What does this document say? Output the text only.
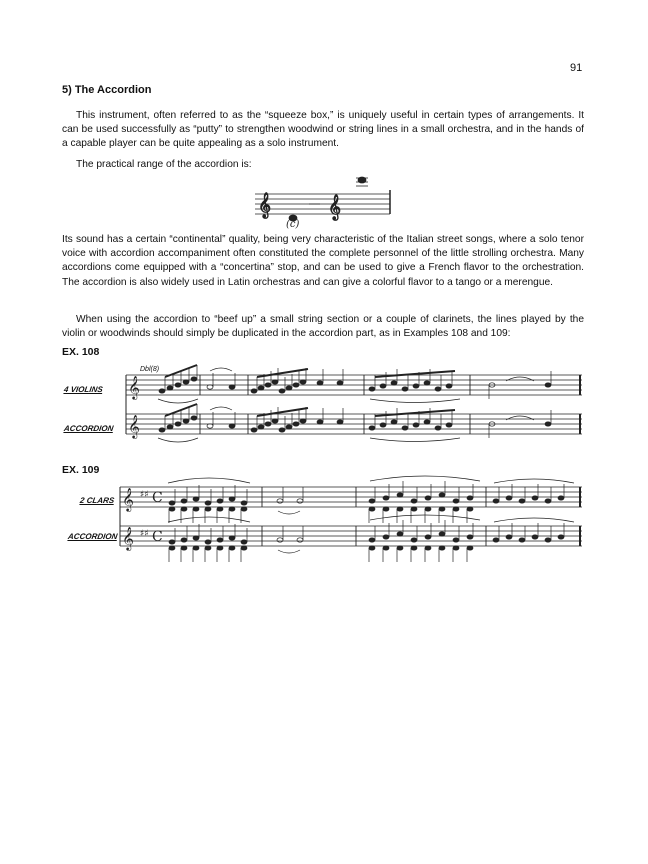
91
5) The Accordion

This instrument, often referred to as the “squeeze box,” is uniquely useful in certain types of arrangements. It can be used successfully as “putty” to strengthen woodwind or string lines in a small orchestra, and in the hands of a capable player can be quite appealing as a solo instrument.

The practical range of the accordion is:

Its sound has a certain “continental” quality, being very characteristic of the Italian street songs, where a solo tenor voice with accordion accompaniment often constituted the complete personnel of the little strolling orchestra. Many accordions come equipped with a “concertina” stop, and can be used to give a French flavor to the orchestration. The accordion is also widely used in Latin orchestras and can give a colorful flavor to a tango or a merengue.

When using the accordion to “beef up” a small string section or a couple of clarinets, the lines played by the violin or woodwinds should simply be duplicated in the accordion part, as in Examples 108 and 109:

EX. 108
EX. 109
Dbl(8)
4 VIOLINS
ACCORDION
2 CLARS
ACCORDION
𝄞
(c)
𝄞
𝄞
𝄞
𝄞 ♯♯ C
𝄞 ♯♯ C
